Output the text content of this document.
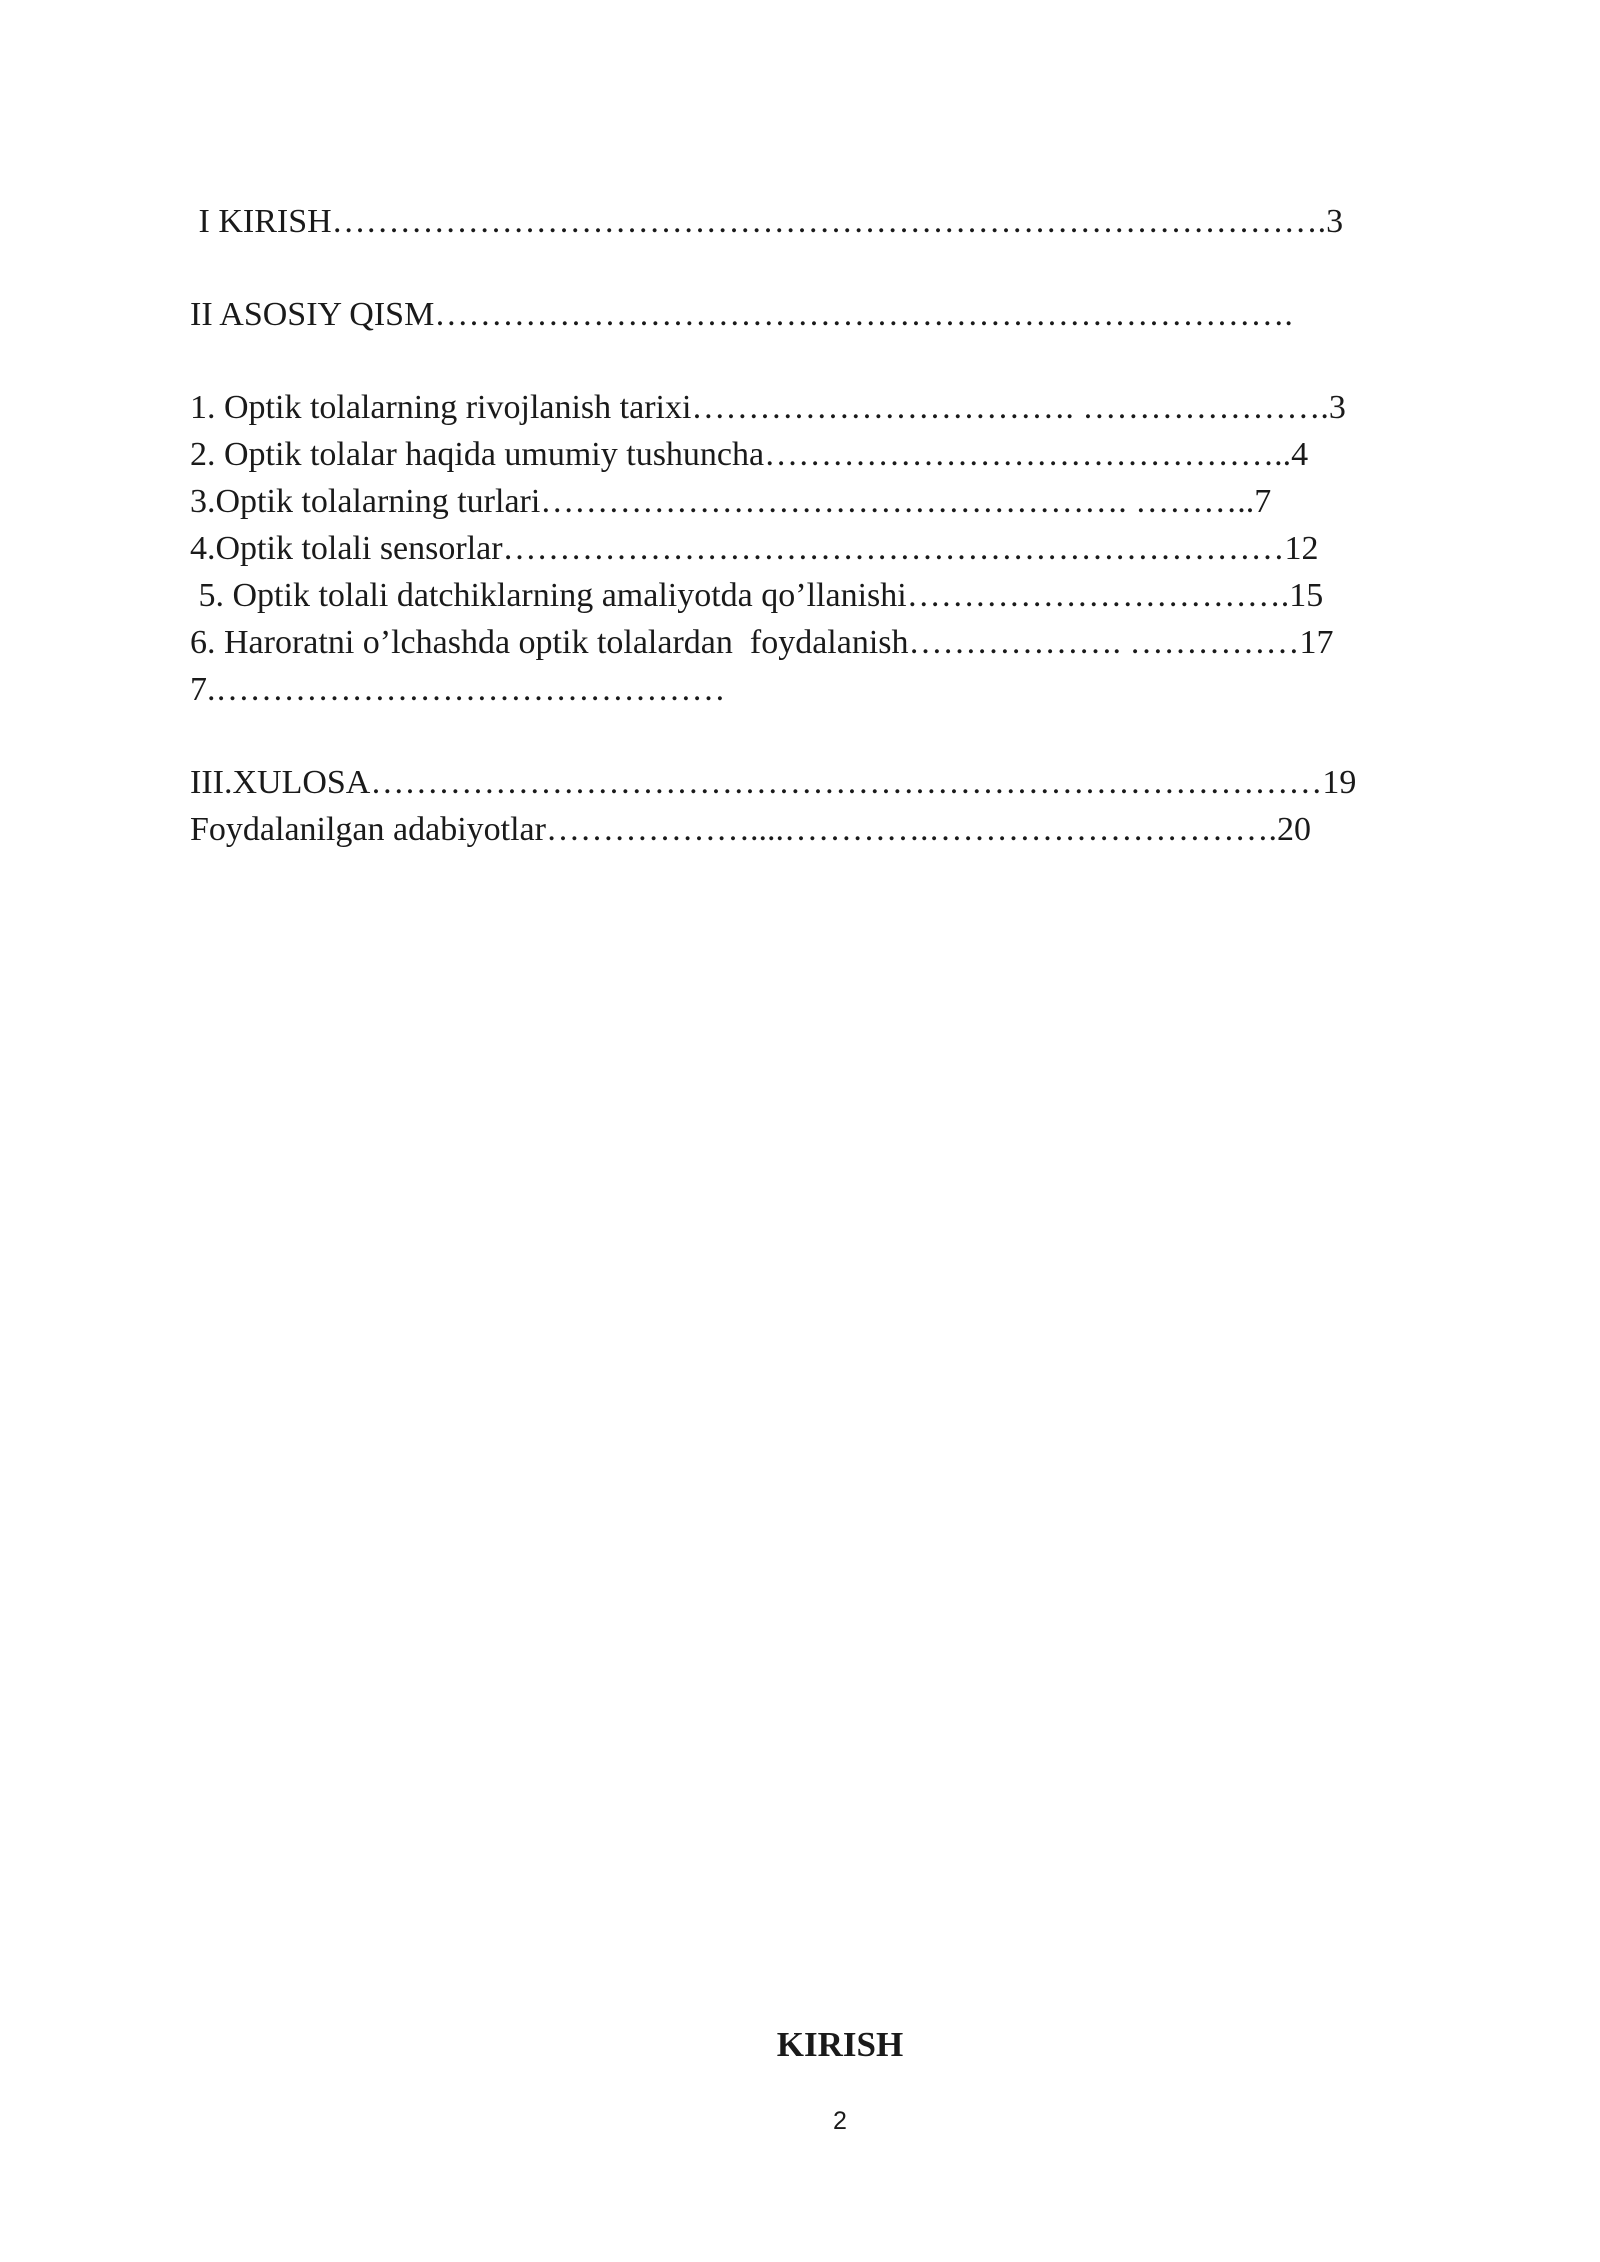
I KIRISH…………………………………………………………………………….3
II ASOSIY QISM………………………………………………………………….
1. Optik tolalarning rivojlanish tarixi……………………………. ………………….3
2. Optik tolalar haqida umumiy tushuncha………………………………………..4
3.Optik tolalarning turlari……………………………………………. ………..7
4.Optik tolali sensorlar……………………………………………………………12
5. Optik tolali datchiklarning amaliyotda qo’llanishi…………………………….15
6. Haroratni o’lchashda optik tolalardan  foydalanish………………. ……………17
7.………………………………………
III.XULOSA…………………………………………………………………………19
Foydalanilgan adabiyotlar………………....………….………………………….20
KIRISH
2
